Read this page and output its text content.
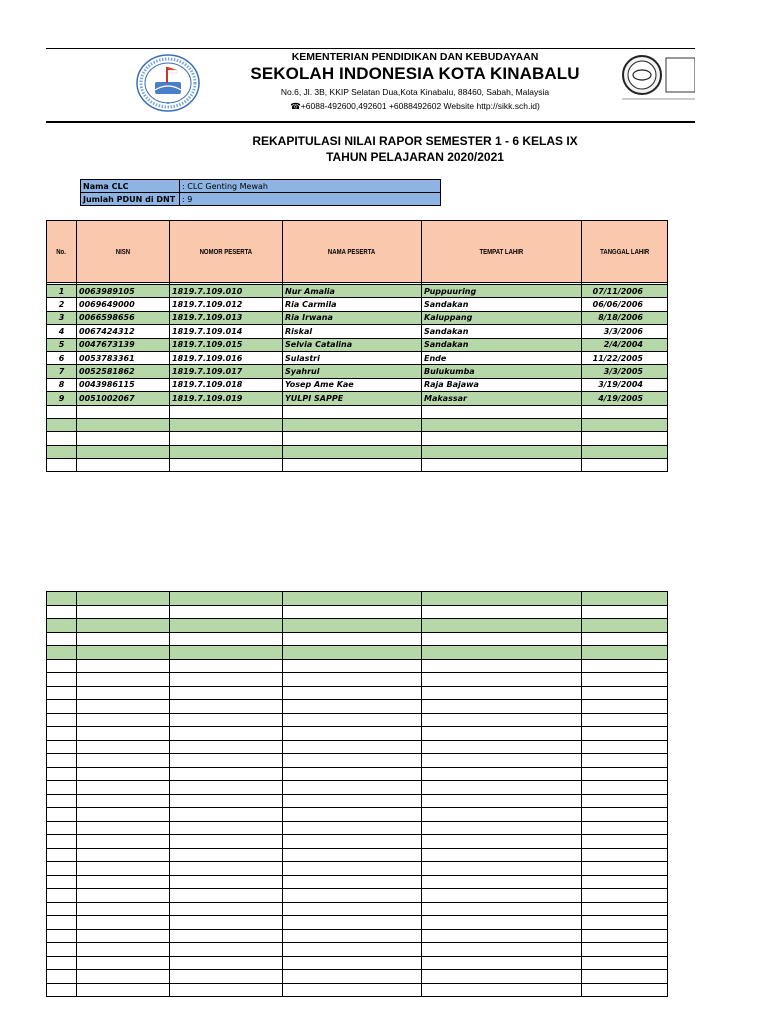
KEMENTERIAN PENDIDIKAN DAN KEBUDAYAAN
SEKOLAH INDONESIA KOTA KINABALU
No.6, Jl. 3B, KKIP Selatan Dua,Kota Kinabalu, 88460, Sabah, Malaysia
☎+6088-492600,492601 +6088492602 Website http://sikk.sch.id)
REKAPITULASI NILAI RAPOR SEMESTER 1 - 6 KELAS IX
TAHUN PELAJARAN 2020/2021
Nama CLC	: CLC Genting Mewah
Jumlah PDUN di DNT	: 9
No.	NISN	NOMOR PESERTA	NAMA PESERTA	TEMPAT LAHIR	TANGGAL LAHIR

1	0063989105	1819.7.109.010	Nur Amalia	Puppuuring	07/11/2006
2	0069649000	1819.7.109.012	Ria Carmila	Sandakan	06/06/2006
3	0066598656	1819.7.109.013	Ria Irwana	Kaluppang	8/18/2006
4	0067424312	1819.7.109.014	Riskal	Sandakan	3/3/2006
5	0047673139	1819.7.109.015	Selvia Catalina	Sandakan	2/4/2004
6	0053783361	1819.7.109.016	Sulastri	Ende	11/22/2005
7	0052581862	1819.7.109.017	Syahrul	Bulukumba	3/3/2005
8	0043986115	1819.7.109.018	Yosep Ame Kae	Raja Bajawa	3/19/2004
9	0051002067	1819.7.109.019	YULPI SAPPE	Makassar	4/19/2005
